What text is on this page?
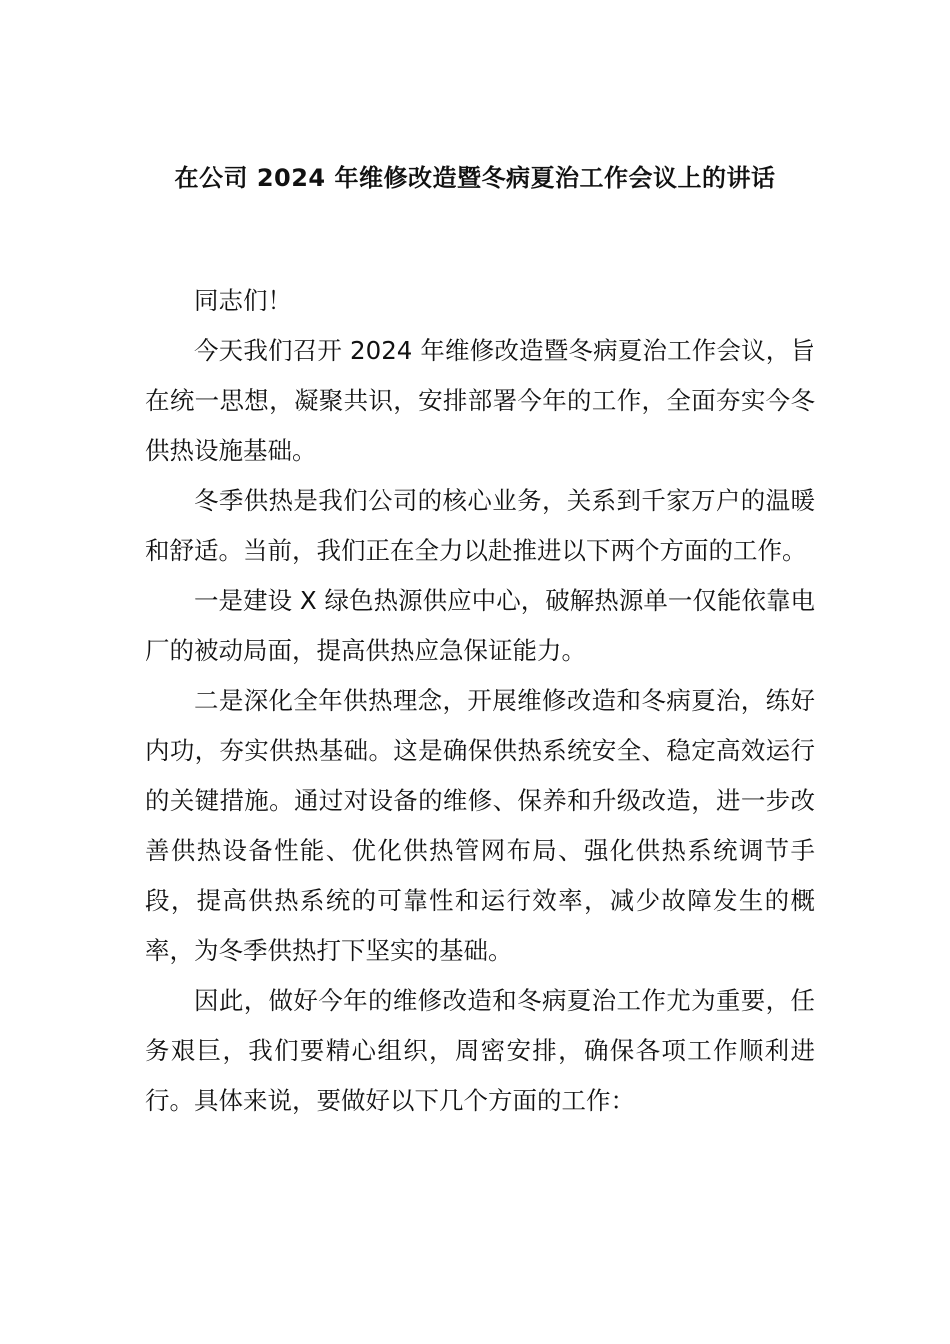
在公司 2024 年维修改造暨冬病夏治工作会议上的讲话

同志们！

今天我们召开 2024 年维修改造暨冬病夏治工作会议，旨在统一思想，凝聚共识，安排部署今年的工作，全面夯实今冬供热设施基础。

冬季供热是我们公司的核心业务，关系到千家万户的温暖和舒适。当前，我们正在全力以赴推进以下两个方面的工作。

一是建设 X 绿色热源供应中心，破解热源单一仅能依靠电厂的被动局面，提高供热应急保证能力。

二是深化全年供热理念，开展维修改造和冬病夏治，练好内功，夯实供热基础。这是确保供热系统安全、稳定高效运行的关键措施。通过对设备的维修、保养和升级改造，进一步改善供热设备性能、优化供热管网布局、强化供热系统调节手段，提高供热系统的可靠性和运行效率，减少故障发生的概率，为冬季供热打下坚实的基础。

因此，做好今年的维修改造和冬病夏治工作尤为重要，任务艰巨，我们要精心组织，周密安排，确保各项工作顺利进行。具体来说，要做好以下几个方面的工作：
